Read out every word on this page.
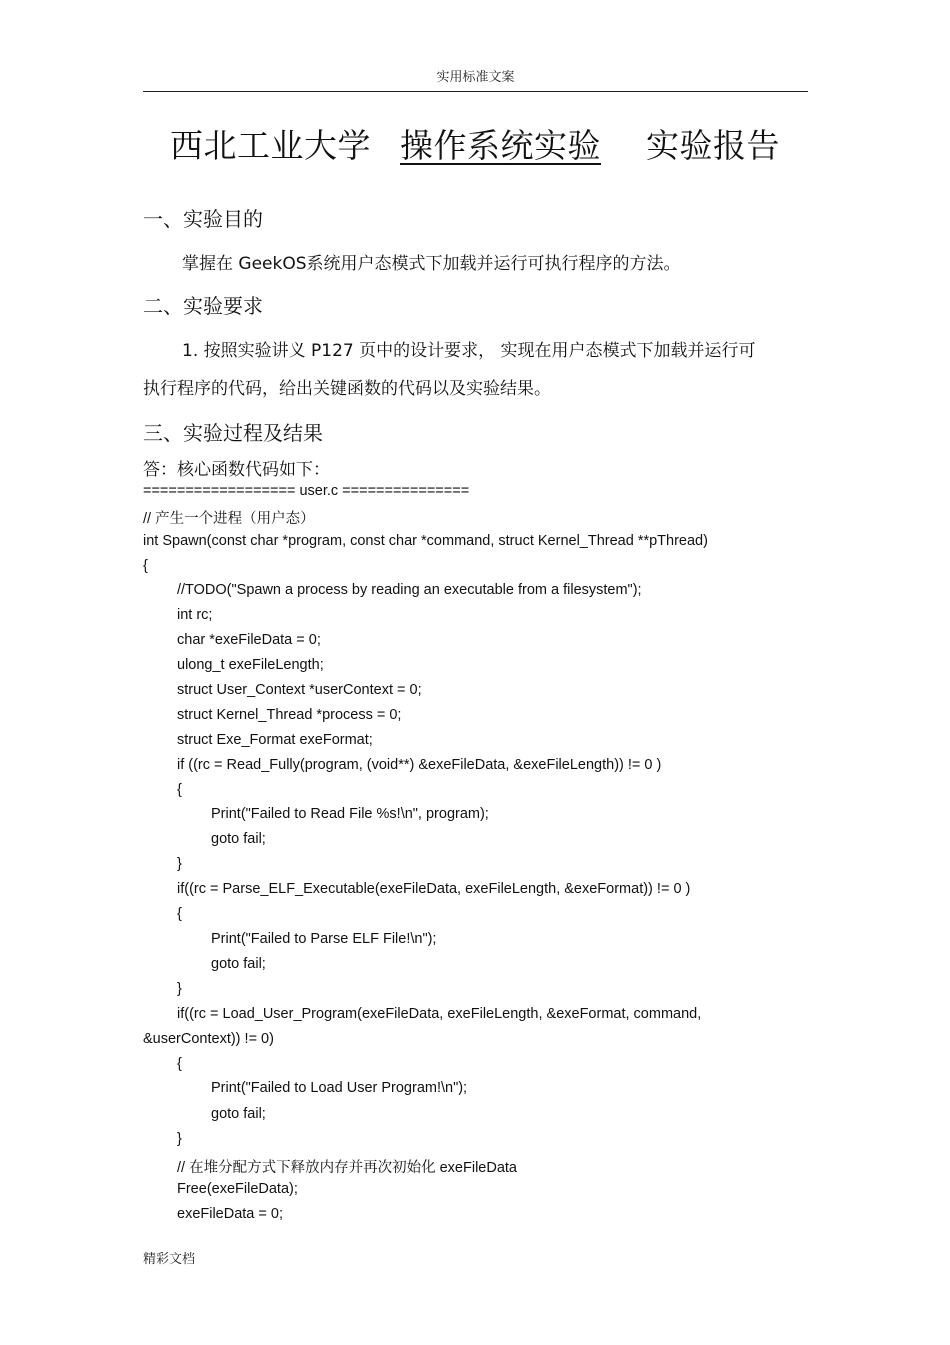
实用标准文案
西北工业大学 操作系统实验 实验报告
一、实验目的
掌握在 GeekOS系统用户态模式下加载并运行可执行程序的方法。
二、实验要求
1. 按照实验讲义 P127 页中的设计要求， 实现在用户态模式下加载并运行可
执行程序的代码，给出关键函数的代码以及实验结果。
三、实验过程及结果
答：核心函数代码如下：
================== user.c ===============
// 产生一个进程（用户态）
int Spawn(const char *program, const char *command, struct Kernel_Thread **pThread)
{
//TODO("Spawn a process by reading an executable from a filesystem");
int rc;
char *exeFileData = 0;
ulong_t exeFileLength;
struct User_Context *userContext = 0;
struct Kernel_Thread *process = 0;
struct Exe_Format exeFormat;
if ((rc = Read_Fully(program, (void**) &exeFileData, &exeFileLength)) != 0 )
{
Print("Failed to Read File %s!\n", program);
goto fail;
}
if((rc = Parse_ELF_Executable(exeFileData, exeFileLength, &exeFormat)) != 0 )
{
Print("Failed to Parse ELF File!\n");
goto fail;
}
if((rc = Load_User_Program(exeFileData, exeFileLength, &exeFormat, command,
&userContext)) != 0)
{
Print("Failed to Load User Program!\n");
goto fail;
}
// 在堆分配方式下释放内存并再次初始化 exeFileData
Free(exeFileData);
exeFileData = 0;
精彩文档
